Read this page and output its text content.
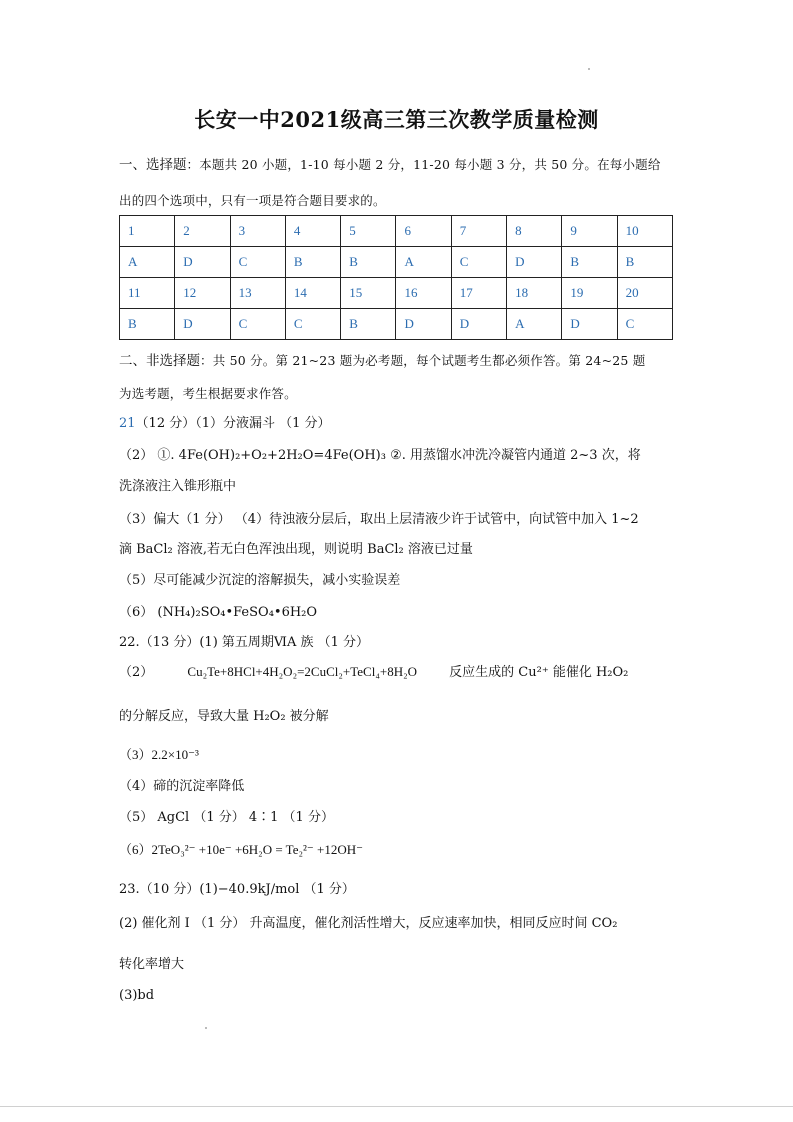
长安一中2021级高三第三次教学质量检测
一、选择题：本题共 20 小题，1-10 每小题 2 分，11-20 每小题 3 分，共 50 分。在每小题给
出的四个选项中，只有一项是符合题目要求的。
1	2	3	4	5	6	7	8	9	10
A	D	C	B	B	A	C	D	B	B
11	12	13	14	15	16	17	18	19	20
B	D	C	C	B	D	D	A	D	C
二、非选择题：共 50 分。第 21~23 题为必考题，每个试题考生都必须作答。第 24~25 题
为选考题，考生根据要求作答。
21（12 分）（1）分液漏斗 （1 分）
（2） ①. 4Fe(OH)₂+O₂+2H₂O=4Fe(OH)₃ ②. 用蒸馏水冲洗冷凝管内通道 2~3 次，将
洗涤液注入锥形瓶中
（3）偏大（1 分） （4）待浊液分层后，取出上层清液少许于试管中，向试管中加入 1~2
滴 BaCl₂ 溶液,若无白色浑浊出现，则说明 BaCl₂ 溶液已过量
（5）尽可能减少沉淀的溶解损失，减小实验误差
（6） (NH₄)₂SO₄•FeSO₄•6H₂O
22.（13 分）(1) 第五周期ⅥA 族 （1 分）
（2）	Cu₂Te+8HCl+4H₂O₂=2CuCl₂+TeCl₄+8H₂O 反应生成的 Cu²⁺ 能催化 H₂O₂
的分解反应，导致大量 H₂O₂ 被分解
（3）2.2×10⁻³
（4）碲的沉淀率降低
（5） AgCl （1 分） 4∶1 （1 分）
（6）2TeO₃²⁻ +10e⁻ +6H₂O = Te₂²⁻ +12OH⁻
23.（10 分）(1)−40.9kJ/mol （1 分）
(2) 催化剂 I （1 分） 升高温度，催化剂活性增大，反应速率加快，相同反应时间 CO₂
转化率增大
(3)bd
